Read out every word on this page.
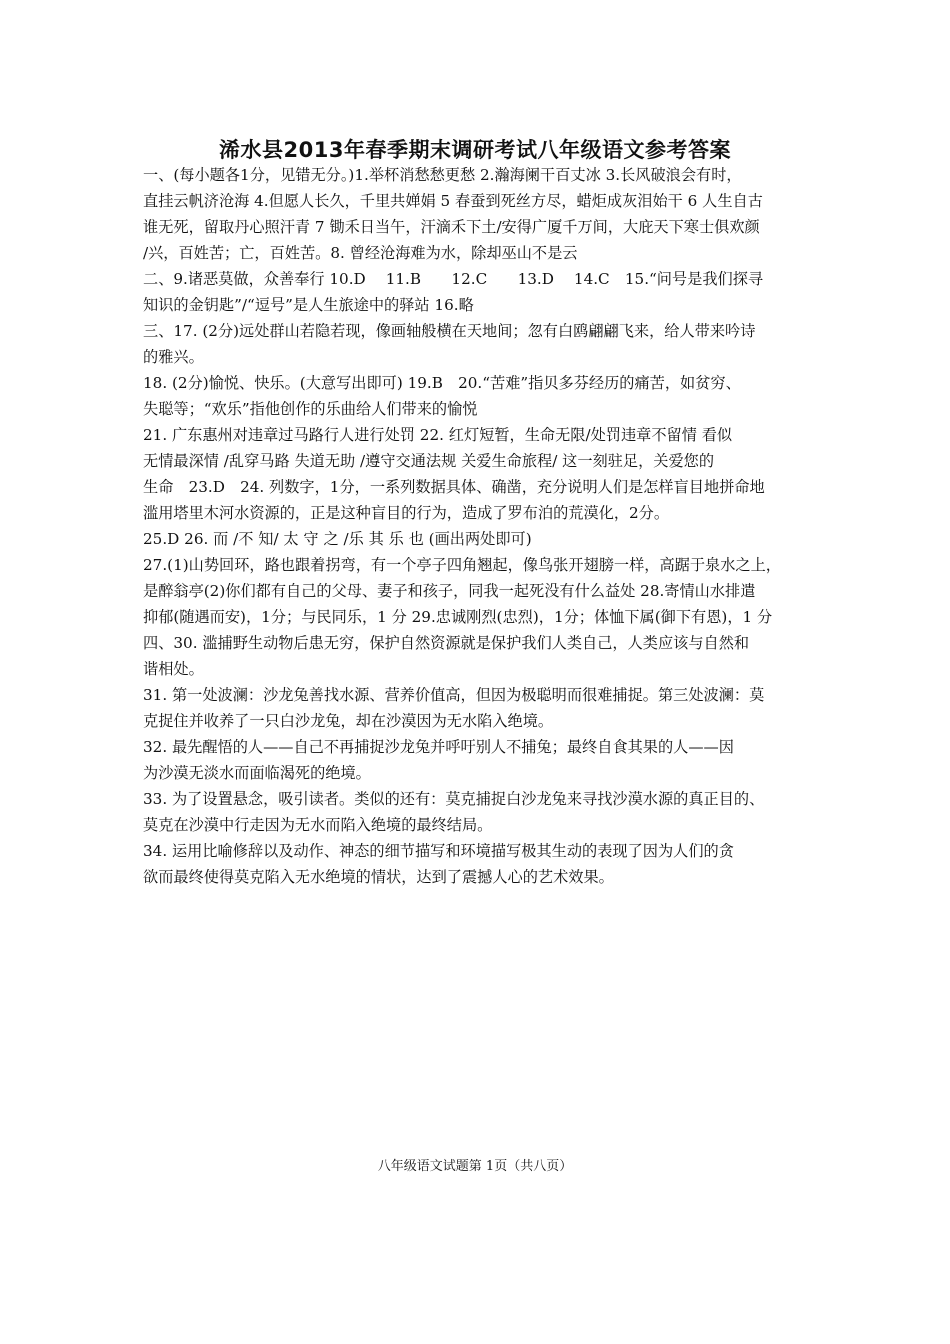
浠水县2013年春季期末调研考试八年级语文参考答案
一、(每小题各1分，见错无分。)1.举杯消愁愁更愁 2.瀚海阑干百丈冰 3.长风破浪会有时，
直挂云帆济沧海 4.但愿人长久，千里共婵娟 5 春蚕到死丝方尽，蜡炬成灰泪始干 6 人生自古
谁无死，留取丹心照汗青 7 锄禾日当午，汗滴禾下土/安得广厦千万间，大庇天下寒士俱欢颜
/兴，百姓苦；亡，百姓苦。8. 曾经沧海难为水，除却巫山不是云
二、9.诸恶莫做，众善奉行 10.D　 11.B　　12.C　　13.D　 14.C　15.“问号是我们探寻
知识的金钥匙”/“逗号”是人生旅途中的驿站 16.略
三、17. (2分)远处群山若隐若现，像画轴般横在天地间；忽有白鸥翩翩飞来，给人带来吟诗
的雅兴。
18. (2分)愉悦、快乐。(大意写出即可) 19.B　20.“苦难”指贝多芬经历的痛苦，如贫穷、
失聪等；“欢乐”指他创作的乐曲给人们带来的愉悦
21. 广东惠州对违章过马路行人进行处罚 22. 红灯短暂，生命无限/处罚违章不留情 看似
无情最深情 /乱穿马路 失道无助 /遵守交通法规 关爱生命旅程/ 这一刻驻足，关爱您的
生命　23.D　24. 列数字，1分，一系列数据具体、确凿，充分说明人们是怎样盲目地拼命地
滥用塔里木河水资源的，正是这种盲目的行为，造成了罗布泊的荒漠化，2分。
25.D 26. 而 /不 知/ 太 守 之 /乐 其 乐 也 (画出两处即可)
27.(1)山势回环，路也跟着拐弯，有一个亭子四角翘起，像鸟张开翅膀一样，高踞于泉水之上，
是醉翁亭(2)你们都有自己的父母、妻子和孩子，同我一起死没有什么益处 28.寄情山水排遣
抑郁(随遇而安)，1分；与民同乐，1 分 29.忠诚刚烈(忠烈)，1分；体恤下属(御下有恩)，1 分
四、30. 滥捕野生动物后患无穷，保护自然资源就是保护我们人类自己，人类应该与自然和
谐相处。
31. 第一处波澜：沙龙兔善找水源、营养价值高，但因为极聪明而很难捕捉。第三处波澜：莫
克捉住并收养了一只白沙龙兔，却在沙漠因为无水陷入绝境。
32. 最先醒悟的人——自己不再捕捉沙龙兔并呼吁别人不捕兔；最终自食其果的人——因
为沙漠无淡水而面临渴死的绝境。
33. 为了设置悬念，吸引读者。类似的还有：莫克捕捉白沙龙兔来寻找沙漠水源的真正目的、
莫克在沙漠中行走因为无水而陷入绝境的最终结局。
34. 运用比喻修辞以及动作、神态的细节描写和环境描写极其生动的表现了因为人们的贪
欲而最终使得莫克陷入无水绝境的情状，达到了震撼人心的艺术效果。
八年级语文试题第 1页（共八页）
